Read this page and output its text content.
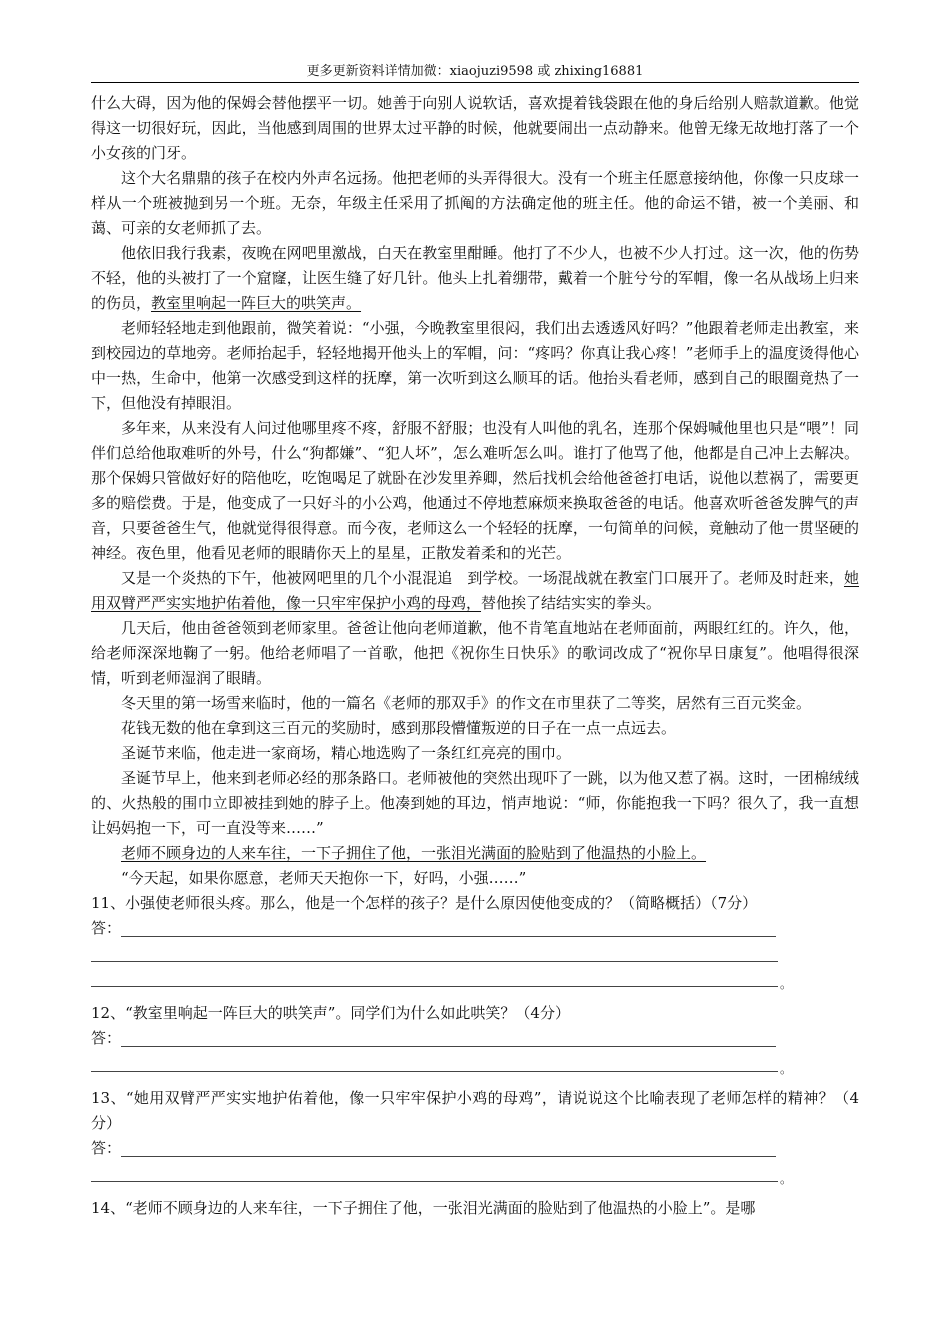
更多更新资料详情加微：xiaojuzi9598 或 zhixing16881

什么大碍，因为他的保姆会替他摆平一切。她善于向别人说软话，喜欢提着钱袋跟在他的身后给别人赔款道歉。他觉得这一切很好玩，因此，当他感到周围的世界太过平静的时候，他就要闹出一点动静来。他曾无缘无故地打落了一个小女孩的门牙。

这个大名鼎鼎的孩子在校内外声名远扬。他把老师的头弄得很大。没有一个班主任愿意接纳他，你像一只皮球一样从一个班被抛到另一个班。无奈，年级主任采用了抓阄的方法确定他的班主任。他的命运不错，被一个美丽、和蔼、可亲的女老师抓了去。

他依旧我行我素，夜晚在网吧里激战，白天在教室里酣睡。他打了不少人，也被不少人打过。这一次，他的伤势不轻，他的头被打了一个窟窿，让医生缝了好几针。他头上扎着绷带，戴着一个脏兮兮的军帽，像一名从战场上归来的伤员，教室里响起一阵巨大的哄笑声。

老师轻轻地走到他跟前，微笑着说：“小强，今晚教室里很闷，我们出去透透风好吗？”他跟着老师走出教室，来到校园边的草地旁。老师抬起手，轻轻地揭开他头上的军帽，问：“疼吗？你真让我心疼！”老师手上的温度烫得他心中一热，生命中，他第一次感受到这样的抚摩，第一次听到这么顺耳的话。他抬头看老师，感到自己的眼圈竟热了一下，但他没有掉眼泪。

多年来，从来没有人问过他哪里疼不疼，舒服不舒服；也没有人叫他的乳名，连那个保姆喊他里也只是“喂”！同伴们总给他取难听的外号，什么“狗都嫌”、“犯人坏”，怎么难听怎么叫。谁打了他骂了他，他都是自己冲上去解决。那个保姆只管做好好的陪他吃，吃饱喝足了就卧在沙发里养卿，然后找机会给他爸爸打电话，说他以惹祸了，需要更多的赔偿费。于是，他变成了一只好斗的小公鸡，他通过不停地惹麻烦来换取爸爸的电话。他喜欢听爸爸发脾气的声音，只要爸爸生气，他就觉得很得意。而今夜，老师这么一个轻轻的抚摩，一句简单的问候，竟触动了他一贯坚硬的神经。夜色里，他看见老师的眼睛你天上的星星，正散发着柔和的光芒。

又是一个炎热的下午，他被网吧里的几个小混混追　到学校。一场混战就在教室门口展开了。老师及时赶来，她用双臂严严实实地护佑着他，像一只牢牢保护小鸡的母鸡，替他挨了结结实实的拳头。

几天后，他由爸爸领到老师家里。爸爸让他向老师道歉，他不肯笔直地站在老师面前，两眼红红的。许久，他，给老师深深地鞠了一躬。他给老师唱了一首歌，他把《祝你生日快乐》的歌词改成了“祝你早日康复”。他唱得很深情，听到老师湿润了眼睛。

冬天里的第一场雪来临时，他的一篇名《老师的那双手》的作文在市里获了二等奖，居然有三百元奖金。

花钱无数的他在拿到这三百元的奖励时，感到那段懵懂叛逆的日子在一点一点远去。

圣诞节来临，他走进一家商场，精心地选购了一条红红亮亮的围巾。

圣诞节早上，他来到老师必经的那条路口。老师被他的突然出现吓了一跳，以为他又惹了祸。这时，一团棉绒绒的、火热般的围巾立即被挂到她的脖子上。他凑到她的耳边，悄声地说：“师，你能抱我一下吗？很久了，我一直想让妈妈抱一下，可一直没等来……”

老师不顾身边的人来车往，一下子拥住了他，一张泪光满面的脸贴到了他温热的小脸上。

“今天起，如果你愿意，老师天天抱你一下，好吗，小强……”

11、小强使老师很头疼。那么，他是一个怎样的孩子？是什么原因使他变成的？（简略概括）（7分）

答：
。

12、“教室里响起一阵巨大的哄笑声”。同学们为什么如此哄笑？（4分）

答：
。

13、“她用双臂严严实实地护佑着他，像一只牢牢保护小鸡的母鸡”，请说说这个比喻表现了老师怎样的精神？（4分）

答：
。

14、“老师不顾身边的人来车往，一下子拥住了他，一张泪光满面的脸贴到了他温热的小脸上”。是哪
